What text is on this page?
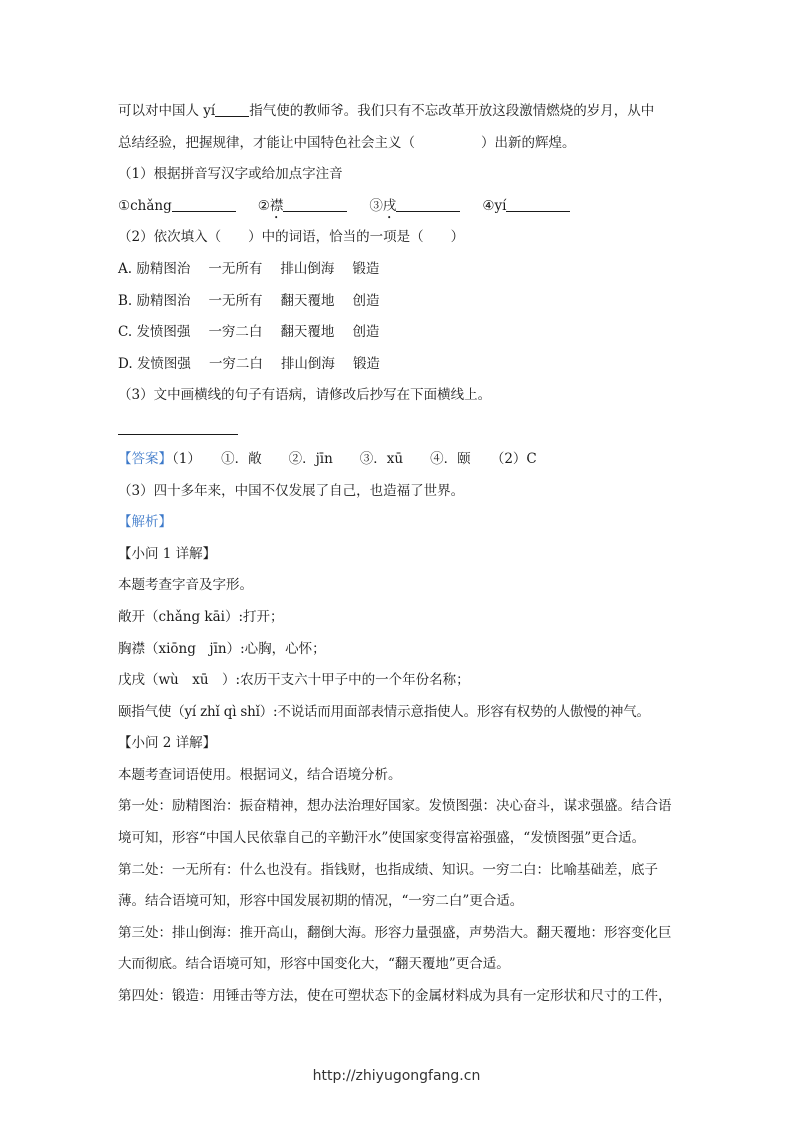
可以对中国人 yí	指气使的教师爷。我们只有不忘改革开放这段激情燃烧的岁月，从中
总结经验，把握规律，才能让中国特色社会主义（	）出新的辉煌。
（1）根据拼音写汉字或给加点字注音
①chǎng	②襟	③戌	④yí
（2）依次填入（　　）中的词语，恰当的一项是（　　）
A. 励精图治 一无所有 排山倒海 锻造
B. 励精图治 一无所有 翻天覆地 创造
C. 发愤图强 一穷二白 翻天覆地 创造
D. 发愤图强 一穷二白 排山倒海 锻造
（3）文中画横线的句子有语病，请修改后抄写在下面横线上。
【答案】（1）　　①．敞　　②．jīn　　③．xū　　④．颐　　（2）C
（3）四十多年来，中国不仅发展了自己，也造福了世界。
【解析】
【小问 1 详解】
本题考查字音及字形。
敞开（chǎng kāi）:打开；
胸襟（xiōng　jīn）:心胸，心怀；
戊戌（wù　xū　）:农历干支六十甲子中的一个年份名称；
颐指气使（yí zhǐ qì shǐ）:不说话而用面部表情示意指使人。形容有权势的人傲慢的神气。
【小问 2 详解】
本题考查词语使用。根据词义，结合语境分析。
第一处：励精图治：振奋精神，想办法治理好国家。发愤图强：决心奋斗，谋求强盛。结合语境可知，形容“中国人民依靠自己的辛勤汗水”使国家变得富裕强盛，“发愤图强”更合适。
第二处：一无所有：什么也没有。指钱财，也指成绩、知识。一穷二白：比喻基础差，底子薄。结合语境可知，形容中国发展初期的情况，“一穷二白”更合适。
第三处：排山倒海：推开高山，翻倒大海。形容力量强盛，声势浩大。翻天覆地：形容变化巨大而彻底。结合语境可知，形容中国变化大，“翻天覆地”更合适。
第四处：锻造：用锤击等方法，使在可塑状态下的金属材料成为具有一定形状和尺寸的工件，
http://zhiyugongfang.cn
